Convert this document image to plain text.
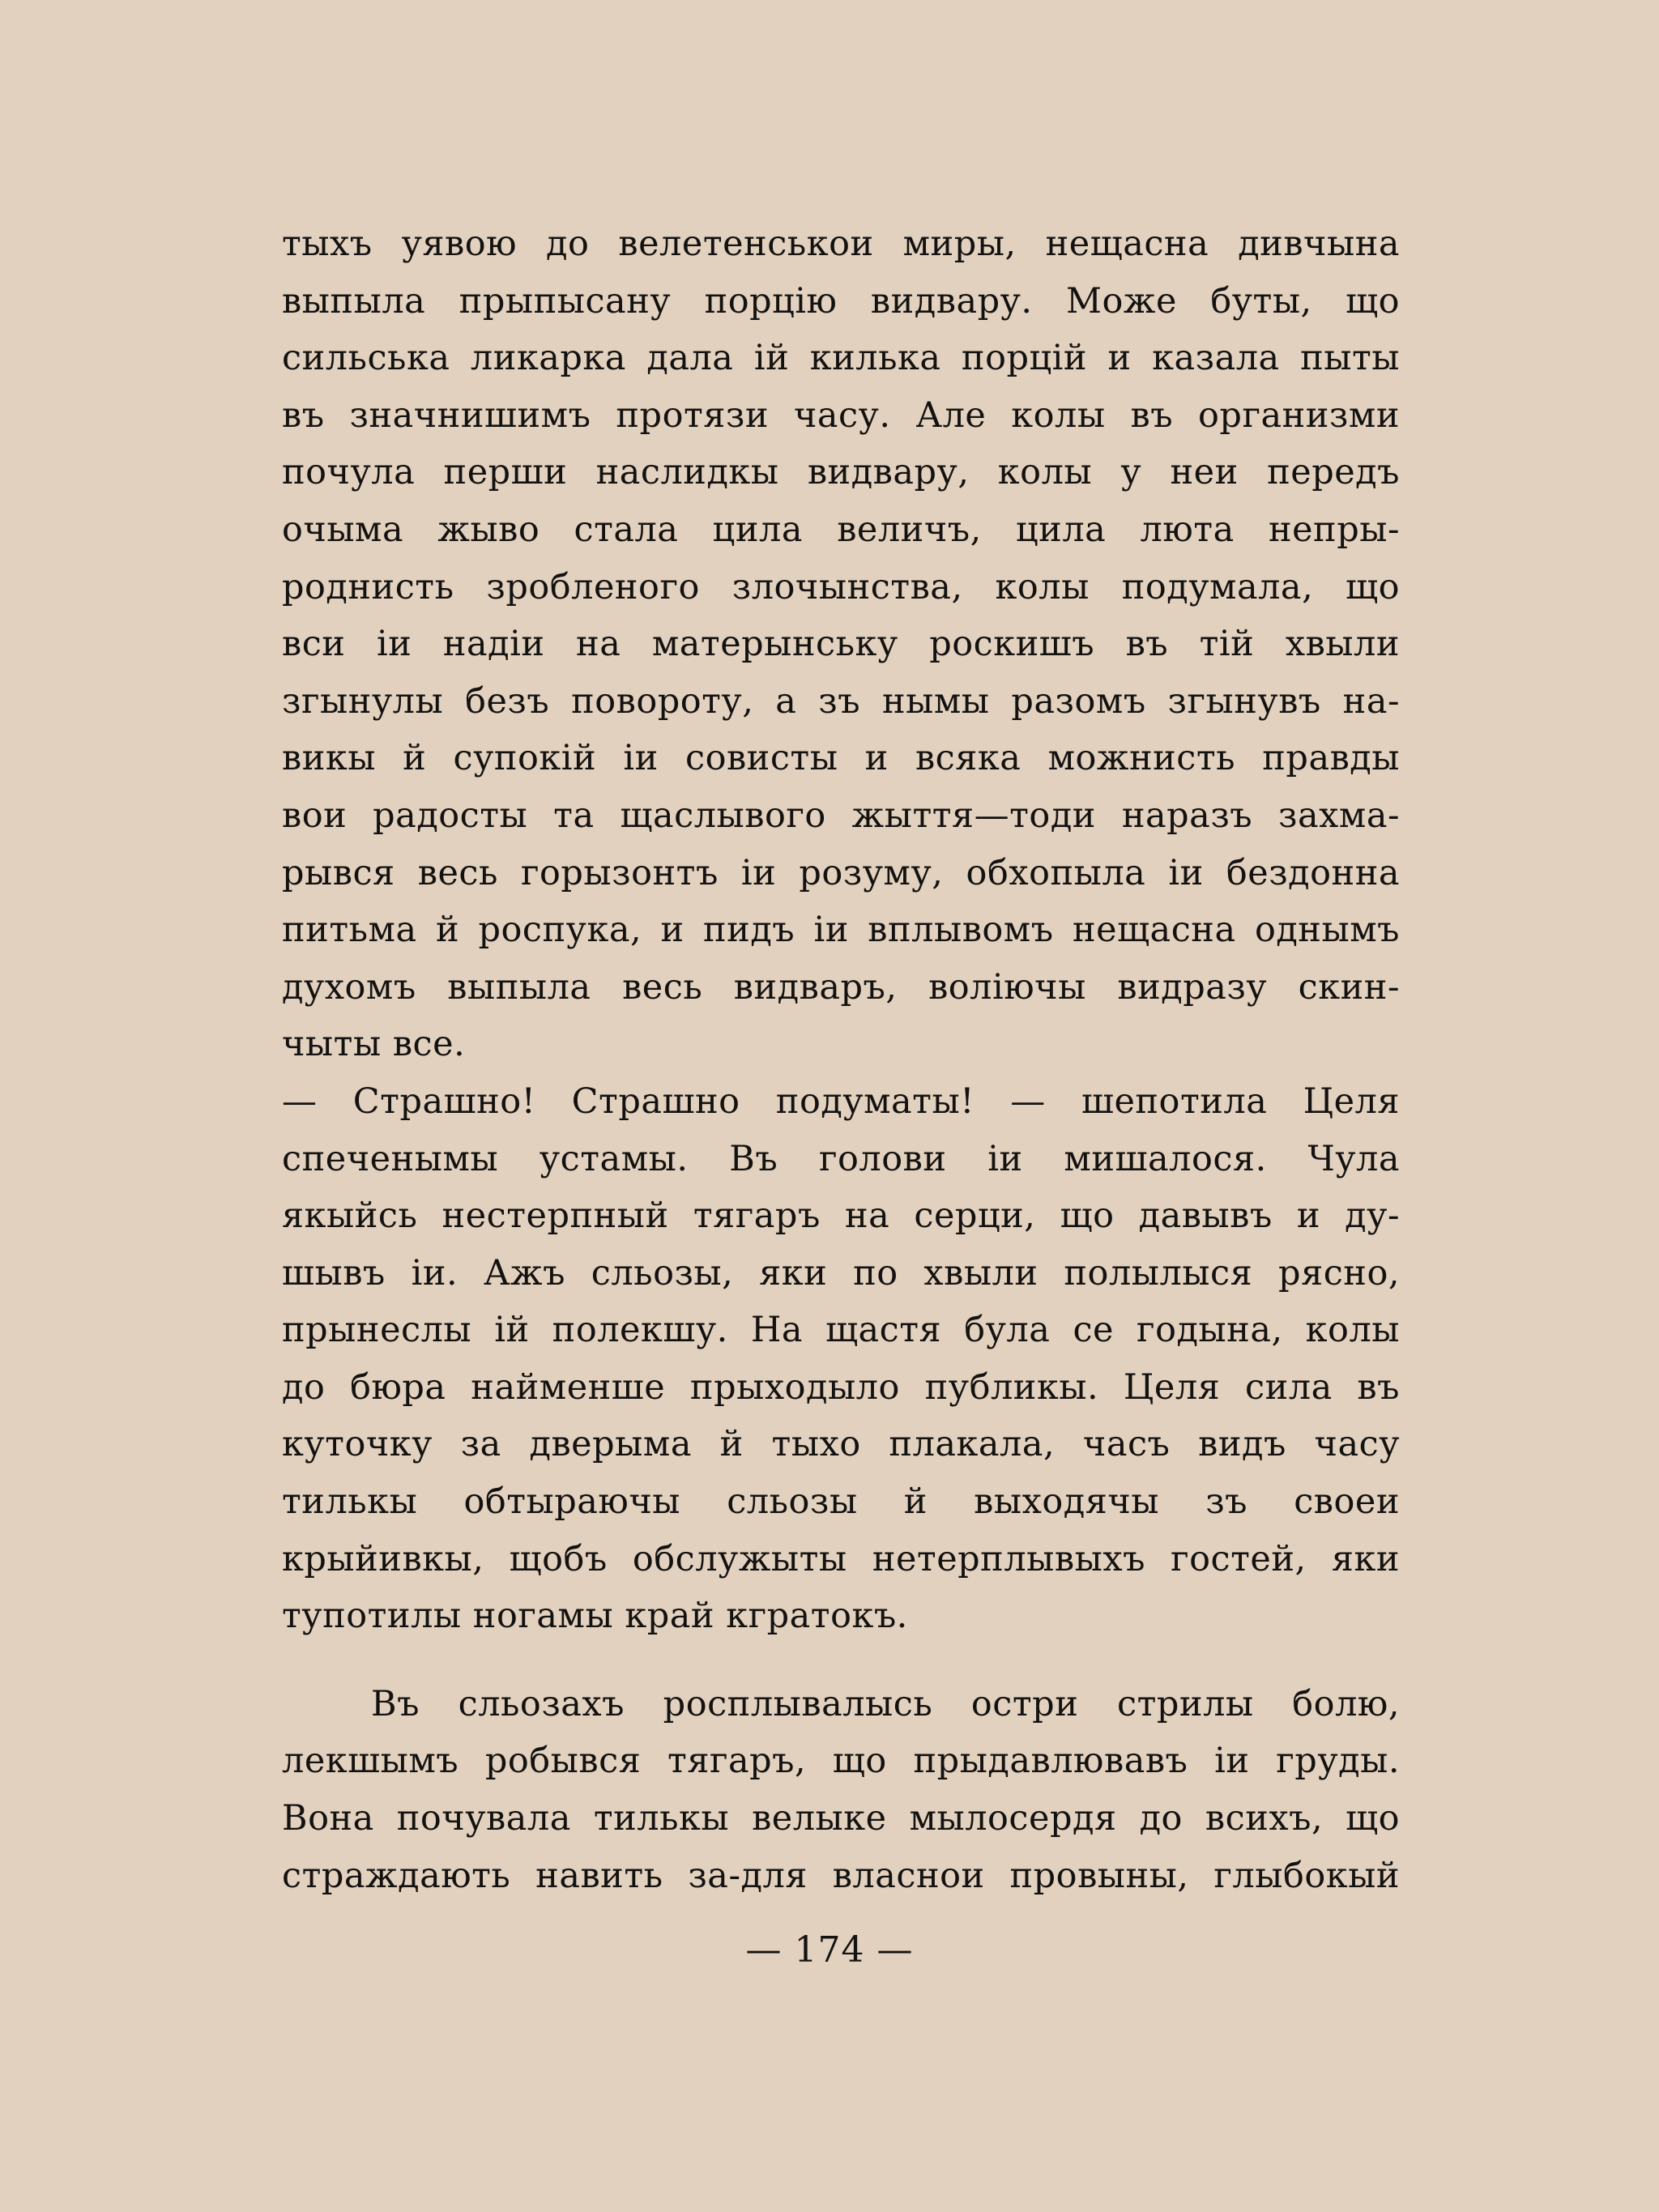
тыхъ уявою до велетенськои миры, нещасна дивчына
выпыла прыпысану порцію видвару. Може буты, що
сильська ликарка дала ій килька порцій и казала пыты
въ значнишимъ протязи часу. Але колы въ организми
почула перши наслидкы видвару, колы у неи передъ
очыма жыво стала цила величъ, цила люта непры-
роднисть зробленого злочынства, колы подумала, що
вси іи надіи на матерынську роскишъ въ тій хвыли
згынулы безъ повороту, а зъ нымы разомъ згынувъ на-
викы й супокій іи совисты и всяка можнисть правды
вои радосты та щаслывого жыття—тоди наразъ захма-
рывся весь горызонтъ іи розуму, обхопыла іи бездонна
питьма й роспука, и пидъ іи вплывомъ нещасна однымъ
духомъ выпыла весь видваръ, воліючы видразу скин-
чыты все.
— Страшно! Страшно подуматы! — шепотила Целя
спеченымы устамы. Въ голови іи мишалося. Чула
якыйсь нестерпный тягаръ на серци, що давывъ и ду-
шывъ іи. Ажъ сльозы, яки по хвыли полылыся рясно,
прынеслы ій полекшу. На щастя була се годына, колы
до бюра найменше прыходыло публикы. Целя сила въ
куточку за дверыма й тыхо плакала, часъ видъ часу
тилькы обтыраючы сльозы й выходячы зъ своеи
крыйивкы, щобъ обслужыты нетерплывыхъ гостей, яки
тупотилы ногамы край кгратокъ.
Въ сльозахъ росплывалысь остри стрилы болю,
лекшымъ робывся тягаръ, що прыдавлювавъ іи груды.
Вона почувала тилькы велыке мылосердя до всихъ, що
страждають навить за-для власнои провыны, глыбокый
— 174 —
